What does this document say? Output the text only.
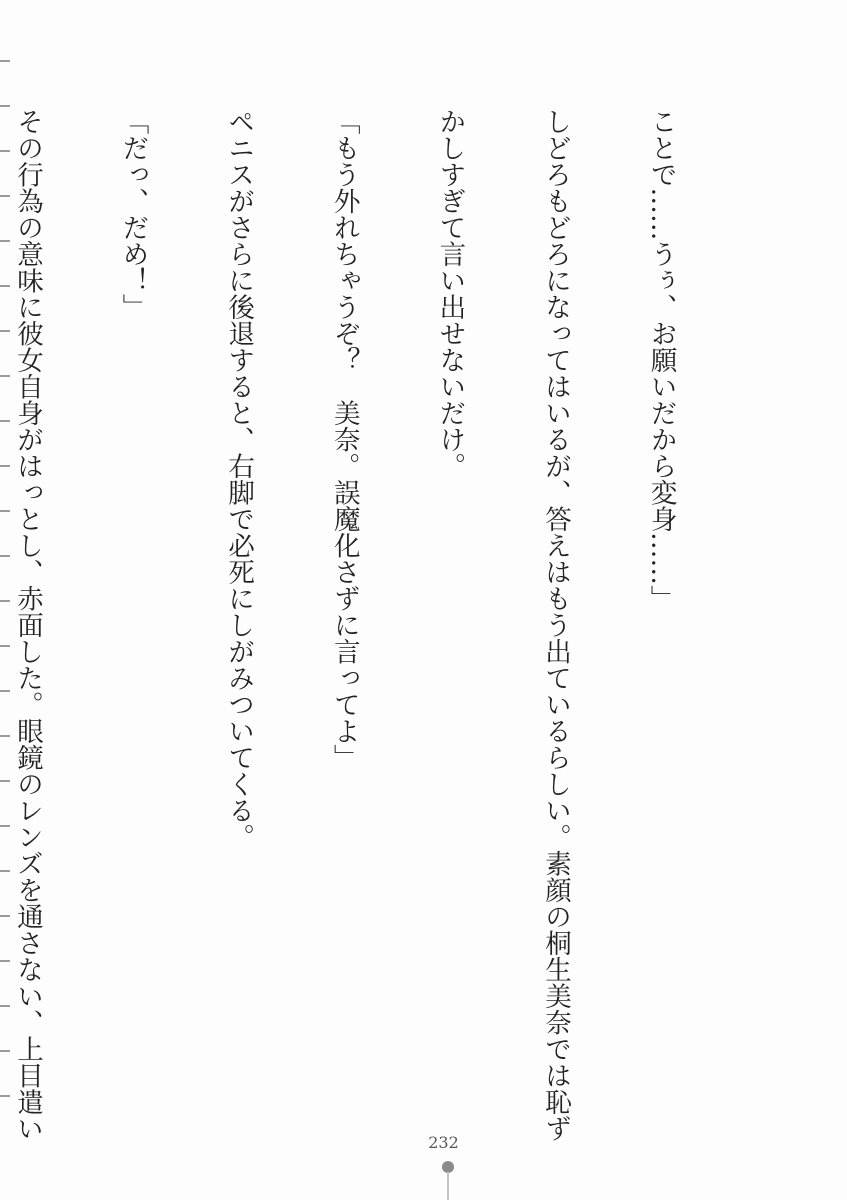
ことで……うぅ、お願いだから変身……」

しどろもどろになってはいるが、答えはもう出ているらしい。素顔の桐生美奈では恥ず

かしすぎて言い出せないだけ。

「もう外れちゃうぞ？　美奈。誤魔化さずに言ってよ」

ペニスがさらに後退すると、右脚で必死にしがみついてくる。

「だっ、だめ！」

その行為の意味に彼女自身がはっとし、赤面した。眼鏡のレンズを通さない、上目遣い

232
